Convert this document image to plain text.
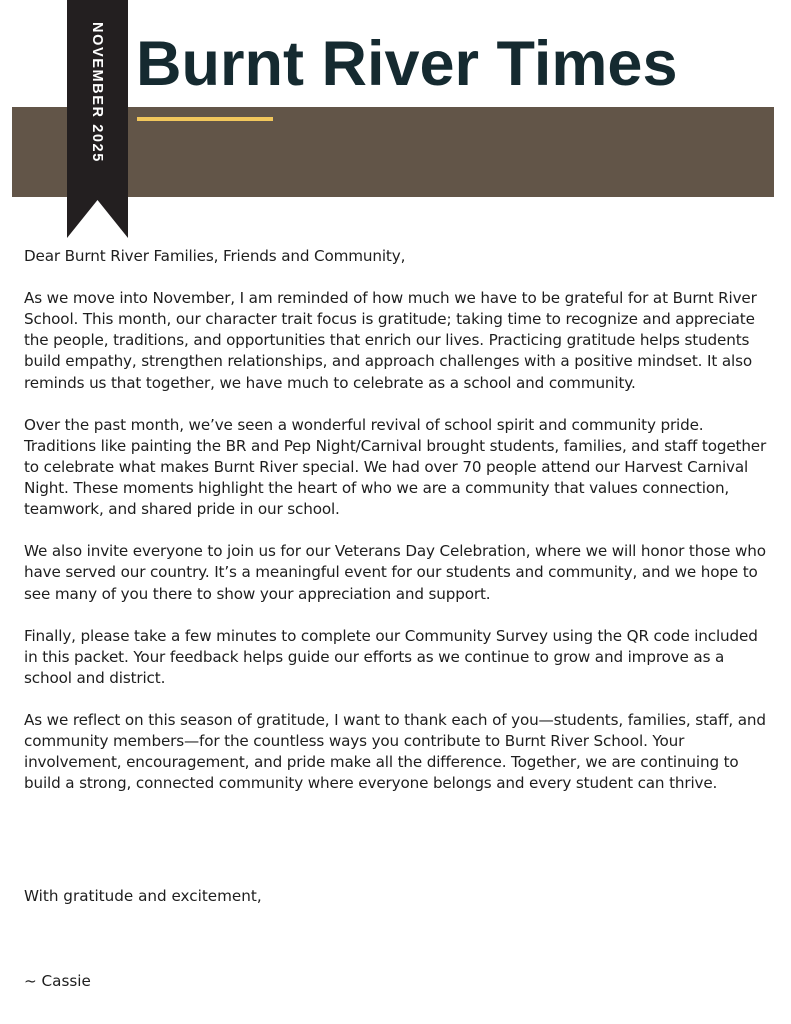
Burnt River Times
NOVEMBER 2025

Dear Burnt River Families, Friends and Community,

As we move into November, I am reminded of how much we have to be grateful for at Burnt River School. This month, our character trait focus is gratitude; taking time to recognize and appreciate the people, traditions, and opportunities that enrich our lives. Practicing gratitude helps students build empathy, strengthen relationships, and approach challenges with a positive mindset. It also reminds us that together, we have much to celebrate as a school and community.

Over the past month, we’ve seen a wonderful revival of school spirit and community pride. Traditions like painting the BR and Pep Night/Carnival brought students, families, and staff together to celebrate what makes Burnt River special. We had over 70 people attend our Harvest Carnival Night. These moments highlight the heart of who we are a community that values connection, teamwork, and shared pride in our school.

We also invite everyone to join us for our Veterans Day Celebration, where we will honor those who have served our country. It’s a meaningful event for our students and community, and we hope to see many of you there to show your appreciation and support.

Finally, please take a few minutes to complete our Community Survey using the QR code included in this packet. Your feedback helps guide our efforts as we continue to grow and improve as a school and district.

As we reflect on this season of gratitude, I want to thank each of you—students, families, staff, and community members—for the countless ways you contribute to Burnt River School. Your involvement, encouragement, and pride make all the difference. Together, we are continuing to build a strong, connected community where everyone belongs and every student can thrive.

With gratitude and excitement,
~ Cassie
